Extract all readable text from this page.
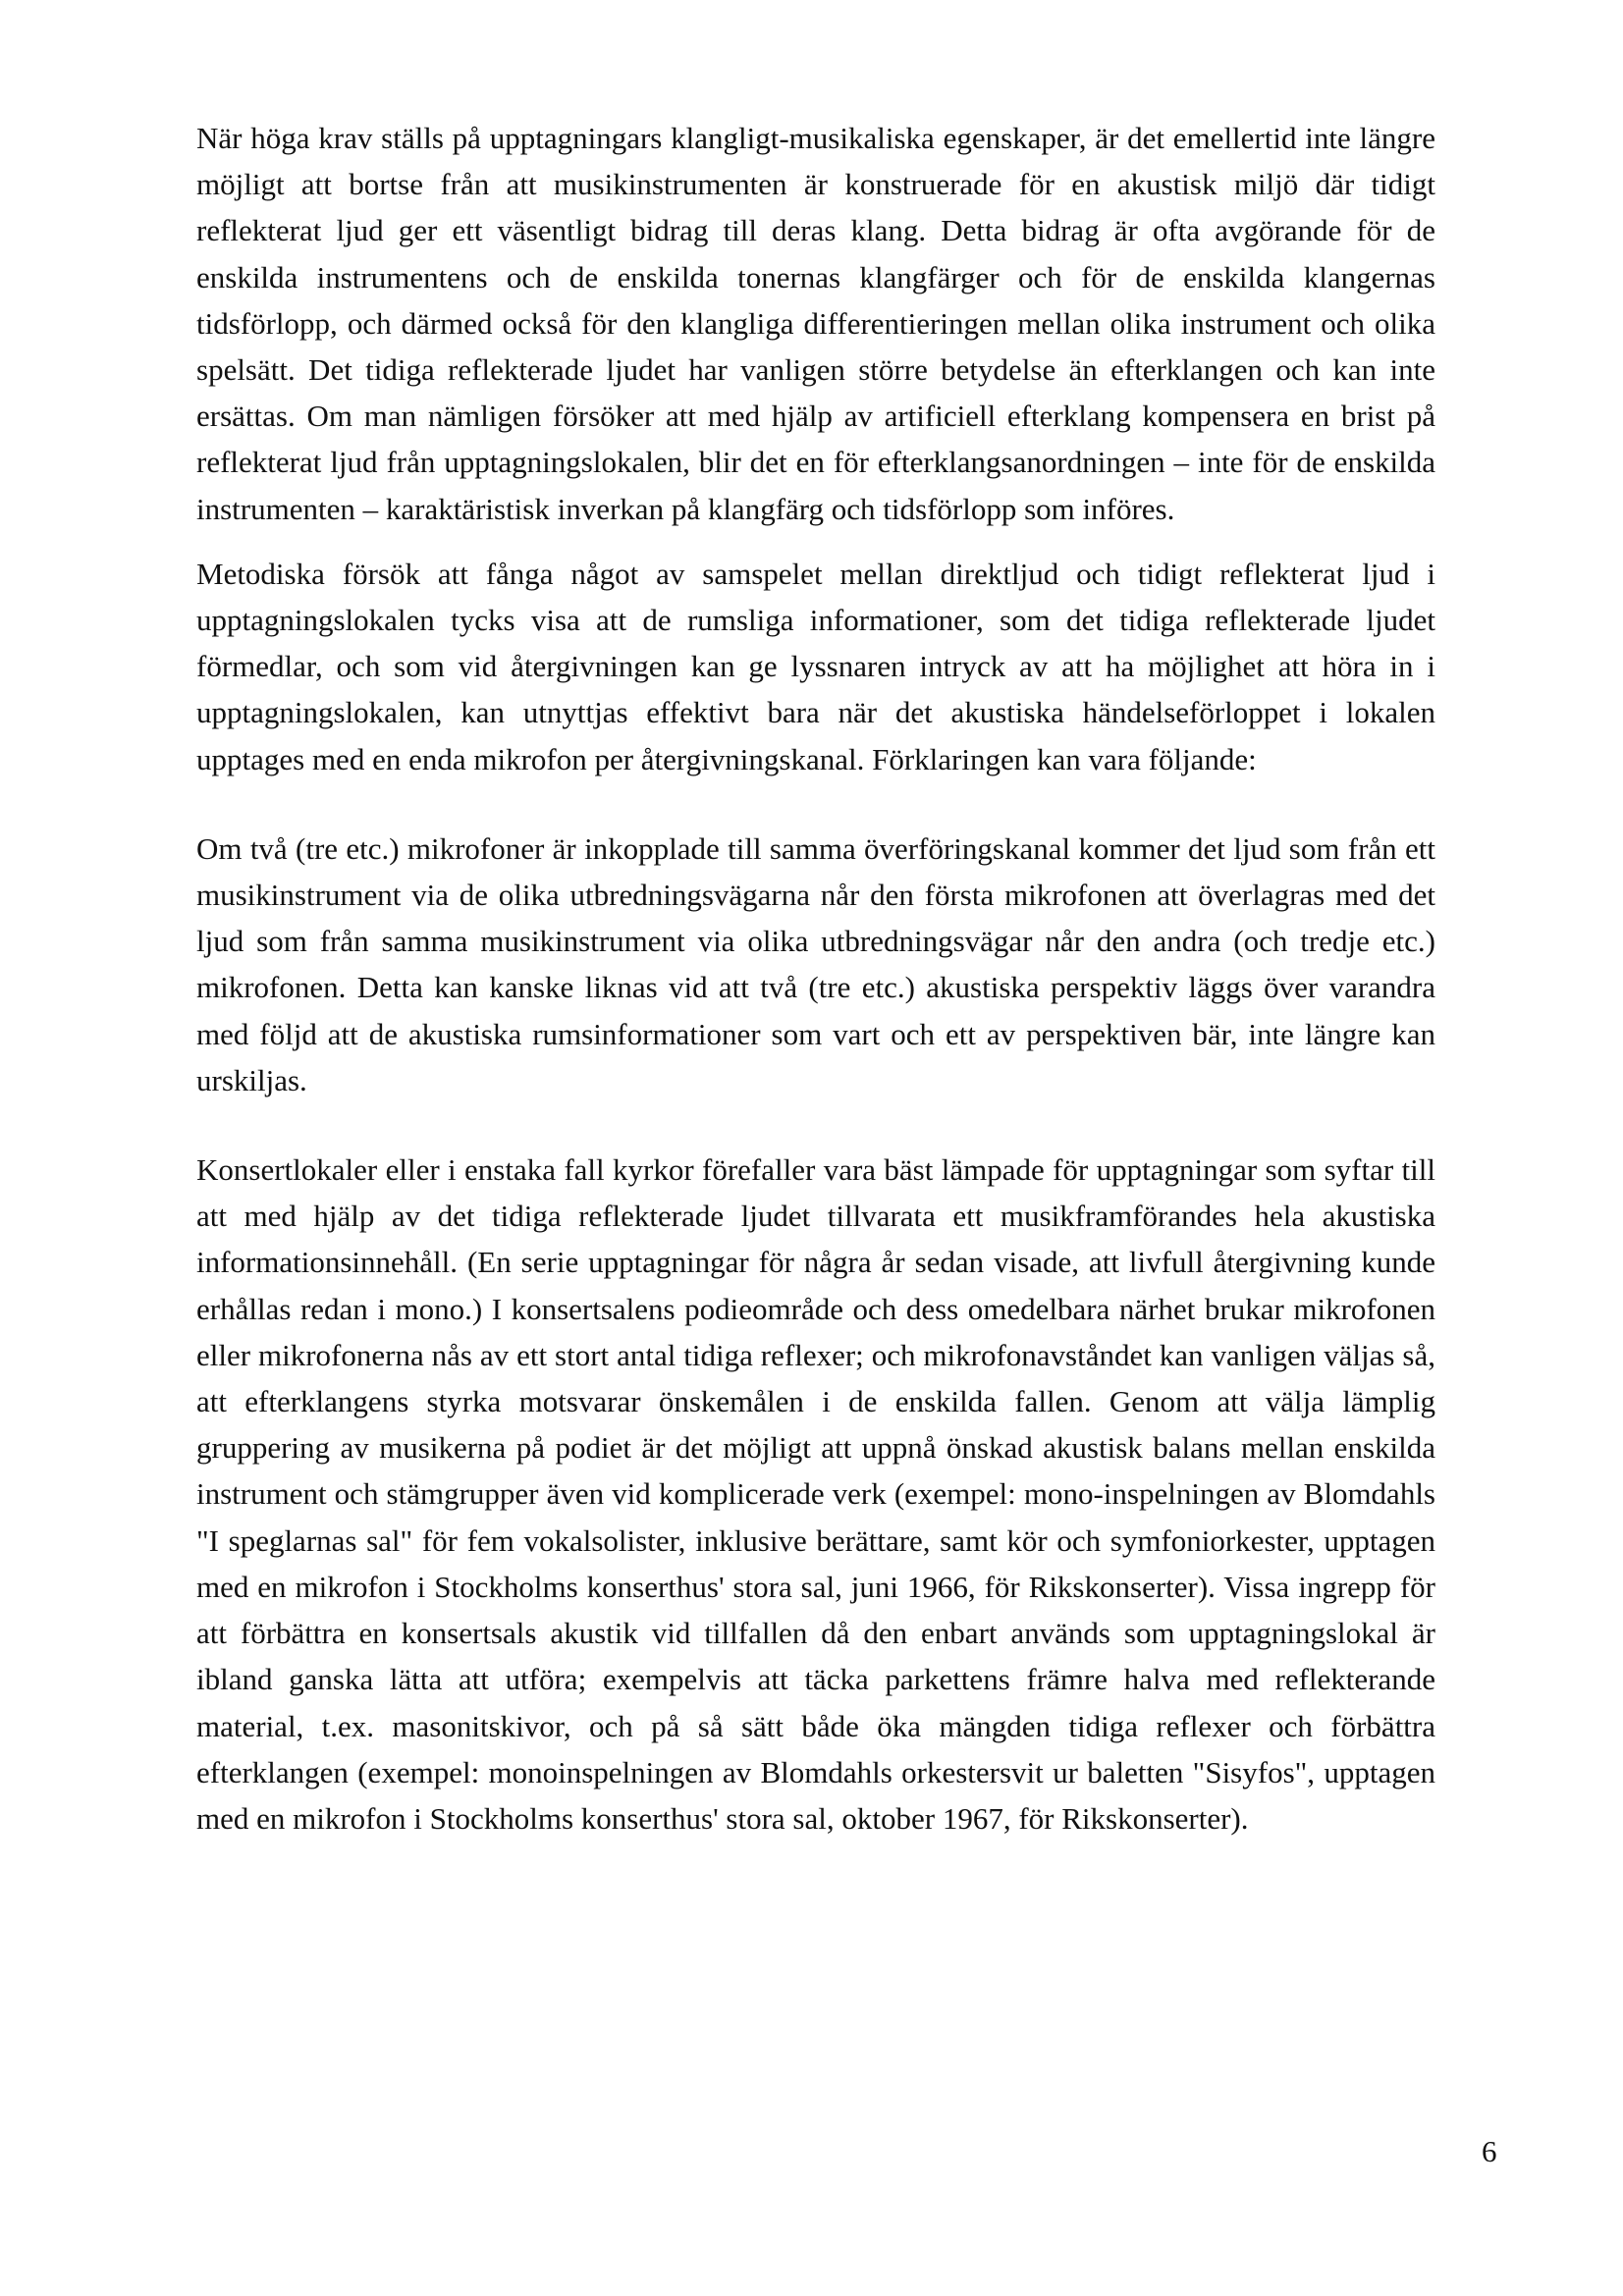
När höga krav ställs på upptagningars klangligt-musikaliska egenskaper, är det emellertid inte längre möjligt att bortse från att musikinstrumenten är konstruerade för en akustisk miljö där tidigt reflekterat ljud ger ett väsentligt bidrag till deras klang. Detta bidrag är ofta avgörande för de enskilda instrumentens och de enskilda tonernas klangfärger och för de enskilda klangernas tidsförlopp, och därmed också för den klangliga differentieringen mellan olika instrument och olika spelsätt. Det tidiga reflekterade ljudet har vanligen större betydelse än efterklangen och kan inte ersättas. Om man nämligen försöker att med hjälp av artificiell efterklang kompensera en brist på reflekterat ljud från upptagningslokalen, blir det en för efterklangsanordningen – inte för de enskilda instrumenten – karaktäristisk inverkan på klangfärg och tidsförlopp som införes.

Metodiska försök att fånga något av samspelet mellan direktljud och tidigt reflekterat ljud i upptagningslokalen tycks visa att de rumsliga informationer, som det tidiga reflekterade ljudet förmedlar, och som vid återgivningen kan ge lyssnaren intryck av att ha möjlighet att höra in i upptagningslokalen, kan utnyttjas effektivt bara när det akustiska händelseförloppet i lokalen upptages med en enda mikrofon per återgivningskanal. Förklaringen kan vara följande:

Om två (tre etc.) mikrofoner är inkopplade till samma överföringskanal kommer det ljud som från ett musikinstrument via de olika utbredningsvägarna når den första mikrofonen att överlagras med det ljud som från samma musikinstrument via olika utbredningsvägar når den andra (och tredje etc.) mikrofonen. Detta kan kanske liknas vid att två (tre etc.) akustiska perspektiv läggs över varandra med följd att de akustiska rumsinformationer som vart och ett av perspektiven bär, inte längre kan urskiljas.

Konsertlokaler eller i enstaka fall kyrkor förefaller vara bäst lämpade för upptagningar som syftar till att med hjälp av det tidiga reflekterade ljudet tillvarata ett musikframförandes hela akustiska informationsinnehåll. (En serie upptagningar för några år sedan visade, att livfull återgivning kunde erhållas redan i mono.) I konsertsalens podieområde och dess omedelbara närhet brukar mikrofonen eller mikrofonerna nås av ett stort antal tidiga reflexer; och mikrofonavståndet kan vanligen väljas så, att efterklangens styrka motsvarar önskemålen i de enskilda fallen. Genom att välja lämplig gruppering av musikerna på podiet är det möjligt att uppnå önskad akustisk balans mellan enskilda instrument och stämgrupper även vid komplicerade verk (exempel: mono-inspelningen av Blomdahls "I speglarnas sal" för fem vokalsolister, inklusive berättare, samt kör och symfoniorkester, upptagen med en mikrofon i Stockholms konserthus' stora sal, juni 1966, för Rikskonserter). Vissa ingrepp för att förbättra en konsertsals akustik vid tillfallen då den enbart används som upptagningslokal är ibland ganska lätta att utföra; exempelvis att täcka parkettens främre halva med reflekterande material, t.ex. masonitskivor, och på så sätt både öka mängden tidiga reflexer och förbättra efterklangen (exempel: monoinspelningen av Blomdahls orkestersvit ur baletten "Sisyfos", upptagen med en mikrofon i Stockholms konserthus' stora sal, oktober 1967, för Rikskonserter).

6
